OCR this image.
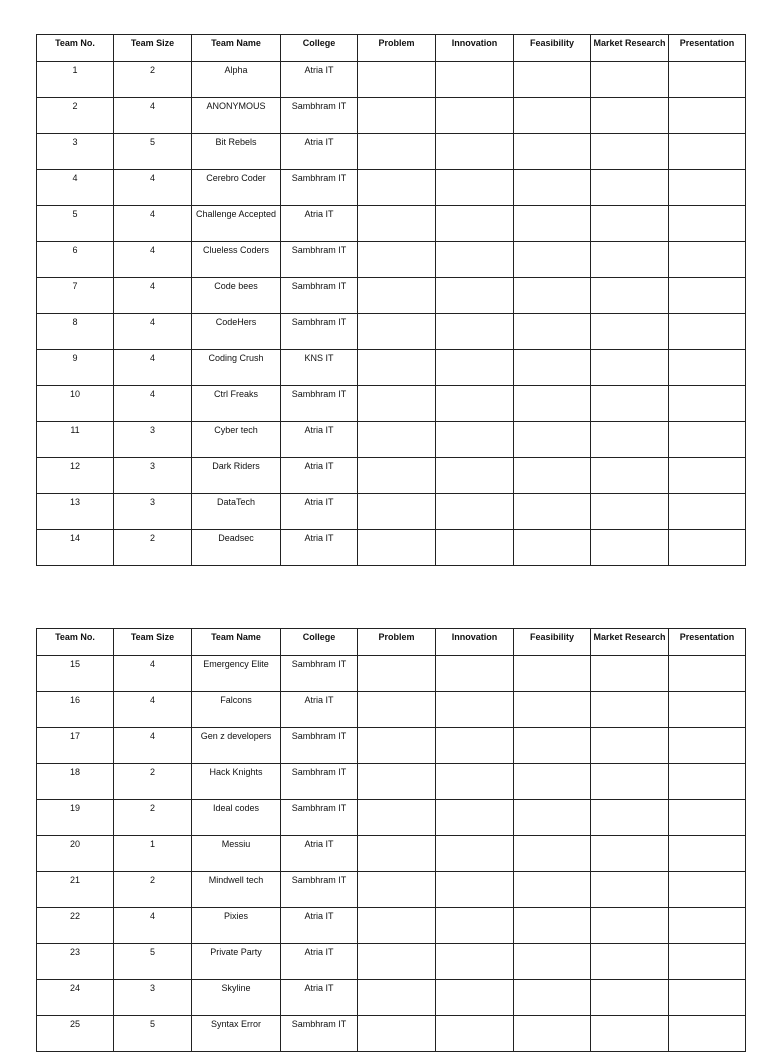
Team No.	Team Size	Team Name	College	Problem	Innovation	Feasibility	Market Research	Presentation
1	2	Alpha	Atria IT					
2	4	ANONYMOUS	Sambhram IT					
3	5	Bit Rebels	Atria IT					
4	4	Cerebro Coder	Sambhram IT					
5	4	Challenge Accepted	Atria IT					
6	4	Clueless Coders	Sambhram IT					
7	4	Code bees	Sambhram IT					
8	4	CodeHers	Sambhram IT					
9	4	Coding Crush	KNS IT					
10	4	Ctrl Freaks	Sambhram IT					
11	3	Cyber tech	Atria IT					
12	3	Dark Riders	Atria IT					
13	3	DataTech	Atria IT					
14	2	Deadsec	Atria IT					
Team No.	Team Size	Team Name	College	Problem	Innovation	Feasibility	Market Research	Presentation
15	4	Emergency Elite	Sambhram IT					
16	4	Falcons	Atria IT					
17	4	Gen z developers	Sambhram IT					
18	2	Hack Knights	Sambhram IT					
19	2	Ideal codes	Sambhram IT					
20	1	Messiu	Atria IT					
21	2	Mindwell tech	Sambhram IT					
22	4	Pixies	Atria IT					
23	5	Private Party	Atria IT					
24	3	Skyline	Atria IT					
25	5	Syntax Error	Sambhram IT					
